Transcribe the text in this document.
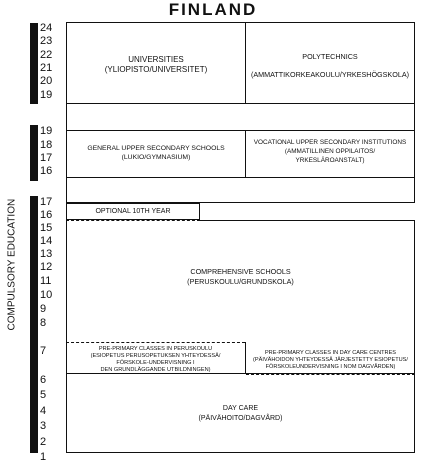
FINLAND
COMPULSORY EDUCATION
24
23
22
21
20
19
19
18
17
16
17
16
15
14
13
12
11
10
9
8
7
6
5
4
3
2
1
UNIVERSITIES
(YLIOPISTO/UNIVERSITET)
POLYTECHNICS
(AMMATTIKORKEAKOULU/YRKESHÖGSKOLA)
GENERAL UPPER SECONDARY SCHOOLS
(LUKIO/GYMNASIUM)
VOCATIONAL UPPER SECONDARY INSTITUTIONS
(AMMATILLINEN OPPILAITOS/
YRKESLÄROANSTALT)
OPTIONAL 10TH YEAR
COMPREHENSIVE SCHOOLS
(PERUSKOULU/GRUNDSKOLA)
PRE-PRIMARY CLASSES IN PERUSKOULU
(ESIOPETUS PERUSOPETUKSEN YHTEYDESSÄ/
FÖRSKOLE-UNDERVISNING I
DEN GRUNDLÄGGANDE UTBILDNINGEN)
PRE-PRIMARY CLASSES IN DAY CARE CENTRES
(PÄIVÄHOIDON YHTEYDESSÄ JÄRJESTETTY ESIOPETUS/
FÖRSKOLEUNDERVISNING I NOM DAGVÅRDEN)
DAY CARE
(PÄIVÄHOITO/DAGVÅRD)
